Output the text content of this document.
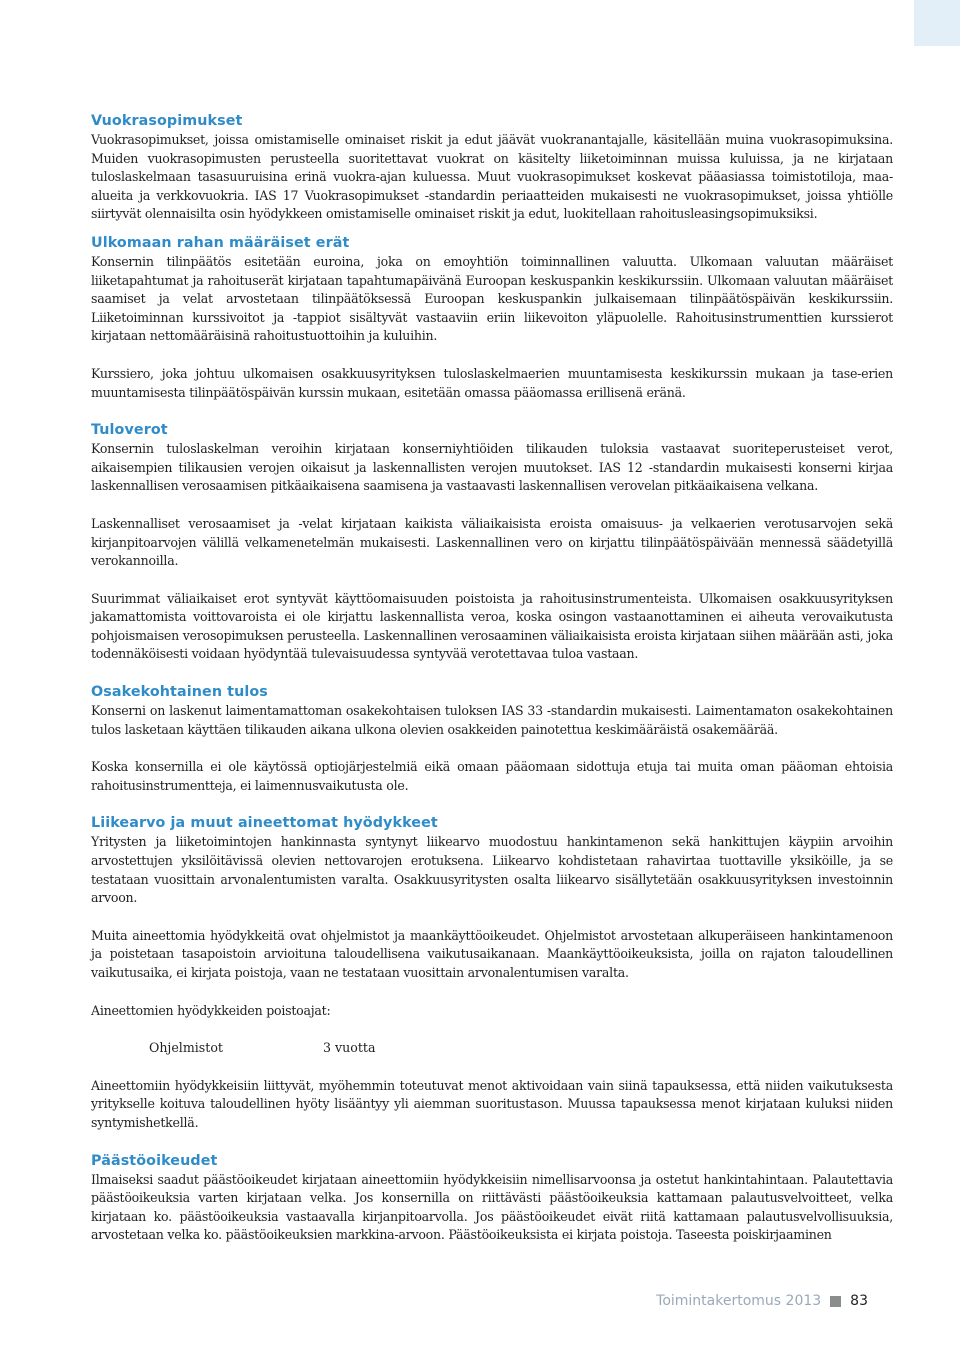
Vuokrasopimukset

Vuokrasopimukset, joissa omistamiselle ominaiset riskit ja edut jäävät vuokranantajalle, käsitellään muina vuokrasopimuksina. Muiden vuokrasopimusten perusteella suoritettavat vuokrat on käsitelty liiketoiminnan muissa kuluissa, ja ne kirjataan tuloslaskelmaan tasasuuruisina erinä vuokra-ajan kuluessa. Muut vuokrasopimukset koskevat pääasiassa toimistotiloja, maa-alueita ja verkkovuokria. IAS 17 Vuokrasopimukset -standardin periaatteiden mukaisesti ne vuokrasopimukset, joissa yhtiölle siirtyvät olennaisilta osin hyödykkeen omistamiselle ominaiset riskit ja edut, luokitellaan rahoitusleasingsopimuksiksi.

Ulkomaan rahan määräiset erät

Konsernin tilinpäätös esitetään euroina, joka on emoyhtiön toiminnallinen valuutta. Ulkomaan valuutan määräiset liiketapahtumat ja rahoituserät kirjataan tapahtumapäivänä Euroopan keskuspankin keskikurssiin. Ulkomaan valuutan määräiset saamiset ja velat arvostetaan tilinpäätöksessä Euroopan keskuspankin julkaisemaan tilinpäätöspäivän keskikurssiin. Liiketoiminnan kurssivoitot ja -tappiot sisältyvät vastaaviin eriin liikevoiton yläpuolelle. Rahoitusinstrumenttien kurssierot kirjataan nettomääräisinä rahoitustuottoihin ja kuluihin.

Kurssiero, joka johtuu ulkomaisen osakkuusyrityksen tuloslaskelmaerien muuntamisesta keskikurssin mukaan ja tase-erien muuntamisesta tilinpäätöspäivän kurssin mukaan, esitetään omassa pääomassa erillisenä eränä.

Tuloverot

Konsernin tuloslaskelman veroihin kirjataan konserniyhtiöiden tilikauden tuloksia vastaavat suoriteperusteiset verot, aikaisempien tilikausien verojen oikaisut ja laskennallisten verojen muutokset. IAS 12 -standardin mukaisesti konserni kirjaa laskennallisen verosaamisen pitkäaikaisena saamisena ja vastaavasti laskennallisen verovelan pitkäaikaisena velkana.

Laskennalliset verosaamiset ja -velat kirjataan kaikista väliaikaisista eroista omaisuus- ja velkaerien verotusarvojen sekä kirjanpitoarvojen välillä velkamenetelmän mukaisesti. Laskennallinen vero on kirjattu tilinpäätöspäivään mennessä säädetyillä verokannoilla.

Suurimmat väliaikaiset erot syntyvät käyttöomaisuuden poistoista ja rahoitusinstrumenteista. Ulkomaisen osakkuusyrityksen jakamattomista voittovaroista ei ole kirjattu laskennallista veroa, koska osingon vastaanottaminen ei aiheuta verovaikutusta pohjoismaisen verosopimuksen perusteella. Laskennallinen verosaaminen väliaikaisista eroista kirjataan siihen määrään asti, joka todennäköisesti voidaan hyödyntää tulevaisuudessa syntyvää verotettavaa tuloa vastaan.

Osakekohtainen tulos

Konserni on laskenut laimentamattoman osakekohtaisen tuloksen IAS 33 -standardin mukaisesti. Laimentamaton osakekohtainen tulos lasketaan käyttäen tilikauden aikana ulkona olevien osakkeiden painotettua keskimääräistä osakemäärää.

Koska konsernilla ei ole käytössä optiojärjestelmiä eikä omaan pääomaan sidottuja etuja tai muita oman pääoman ehtoisia rahoitusinstrumentteja, ei laimennusvaikutusta ole.

Liikearvo ja muut aineettomat hyödykkeet

Yritysten ja liiketoimintojen hankinnasta syntynyt liikearvo muodostuu hankintamenon sekä hankittujen käypiin arvoihin arvostettujen yksilöitävissä olevien nettovarojen erotuksena. Liikearvo kohdistetaan rahavirtaa tuottaville yksiköille, ja se testataan vuosittain arvonalentumisten varalta. Osakkuusyritysten osalta liikearvo sisällytetään osakkuusyrityksen investoinnin arvoon.

Muita aineettomia hyödykkeitä ovat ohjelmistot ja maankäyttöoikeudet. Ohjelmistot arvostetaan alkuperäiseen hankintamenoon ja poistetaan tasapoistoin arvioituna taloudellisena vaikutusaikanaan. Maankäyttöoikeuksista, joilla on rajaton taloudellinen vaikutusaika, ei kirjata poistoja, vaan ne testataan vuosittain arvonalentumisen varalta.

Aineettomien hyödykkeiden poistoajat:

Ohjelmistot	3 vuotta

Aineettomiin hyödykkeisiin liittyvät, myöhemmin toteutuvat menot aktivoidaan vain siinä tapauksessa, että niiden vaikutuksesta yritykselle koituva taloudellinen hyöty lisääntyy yli aiemman suoritustason. Muussa tapauksessa menot kirjataan kuluksi niiden syntymishetkellä.

Päästöoikeudet

Ilmaiseksi saadut päästöoikeudet kirjataan aineettomiin hyödykkeisiin nimellisarvoonsa ja ostetut hankintahintaan. Palautettavia päästöoikeuksia varten kirjataan velka. Jos konsernilla on riittävästi päästöoikeuksia kattamaan palautusvelvoitteet, velka kirjataan ko. päästöoikeuksia vastaavalla kirjanpitoarvolla. Jos päästöoikeudet eivät riitä kattamaan palautusvelvollisuuksia, arvostetaan velka ko. päästöoikeuksien markkina-arvoon. Päästöoikeuksista ei kirjata poistoja. Taseesta poiskirjaaminen

Toimintakertomus 2013 83
